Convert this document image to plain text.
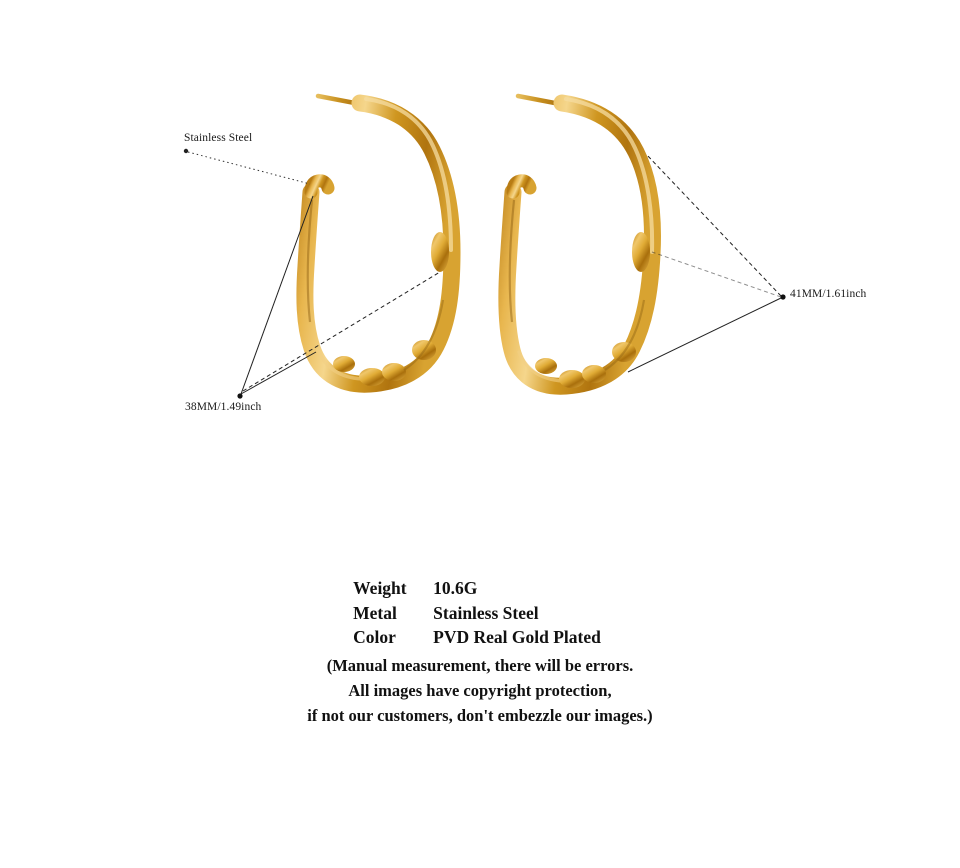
Stainless Steel
38MM/1.49inch
41MM/1.61inch
Weight	10.6G
Metal	Stainless Steel
Color	PVD Real Gold Plated
(Manual measurement, there will be errors.
All images have copyright protection,
if not our customers, don't embezzle our images.)
